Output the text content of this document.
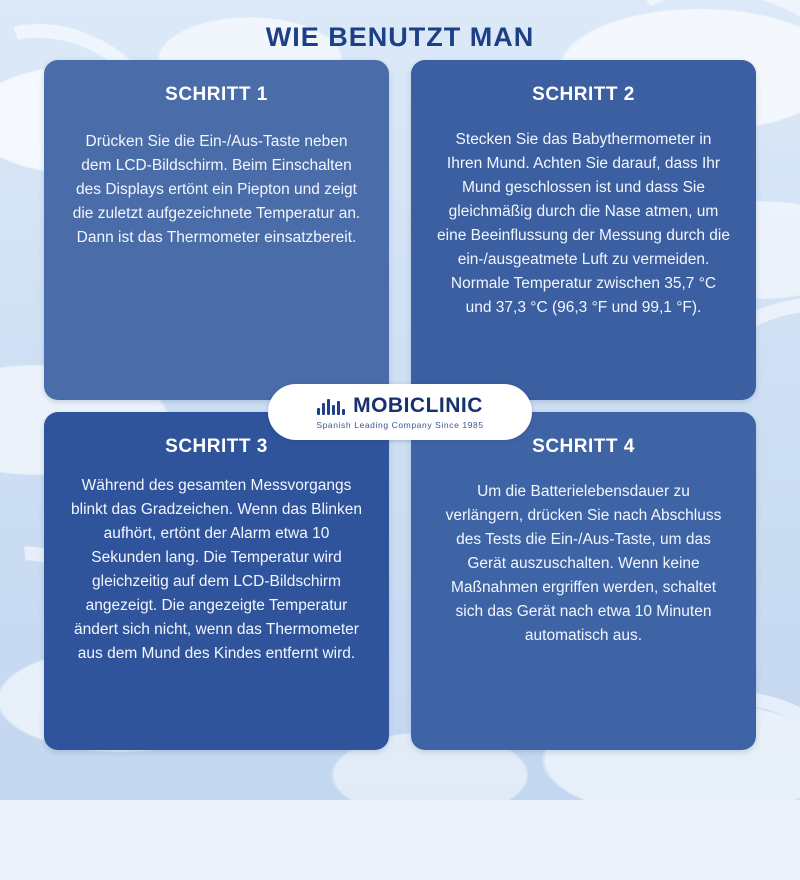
WIE BENUTZT MAN
SCHRITT 1
Drücken Sie die Ein-/Aus-Taste neben dem LCD-Bildschirm. Beim Einschalten des Displays ertönt ein Piepton und zeigt die zuletzt aufgezeichnete Temperatur an. Dann ist das Thermometer einsatzbereit.
SCHRITT 2
Stecken Sie das Babythermometer in Ihren Mund. Achten Sie darauf, dass Ihr Mund geschlossen ist und dass Sie gleichmäßig durch die Nase atmen, um eine Beeinflussung der Messung durch die ein-/ausgeatmete Luft zu vermeiden. Normale Temperatur zwischen 35,7 °C und 37,3 °C (96,3 °F und 99,1 °F).
SCHRITT 3
Während des gesamten Messvorgangs blinkt das Gradzeichen. Wenn das Blinken aufhört, ertönt der Alarm etwa 10 Sekunden lang. Die Temperatur wird gleichzeitig auf dem LCD-Bildschirm angezeigt. Die angezeigte Temperatur ändert sich nicht, wenn das Thermometer aus dem Mund des Kindes entfernt wird.
SCHRITT 4
Um die Batterielebensdauer zu verlängern, drücken Sie nach Abschluss des Tests die Ein-/Aus-Taste, um das Gerät auszuschalten. Wenn keine Maßnahmen ergriffen werden, schaltet sich das Gerät nach etwa 10 Minuten automatisch aus.
MOBICLINIC
Spanish Leading Company Since 1985
